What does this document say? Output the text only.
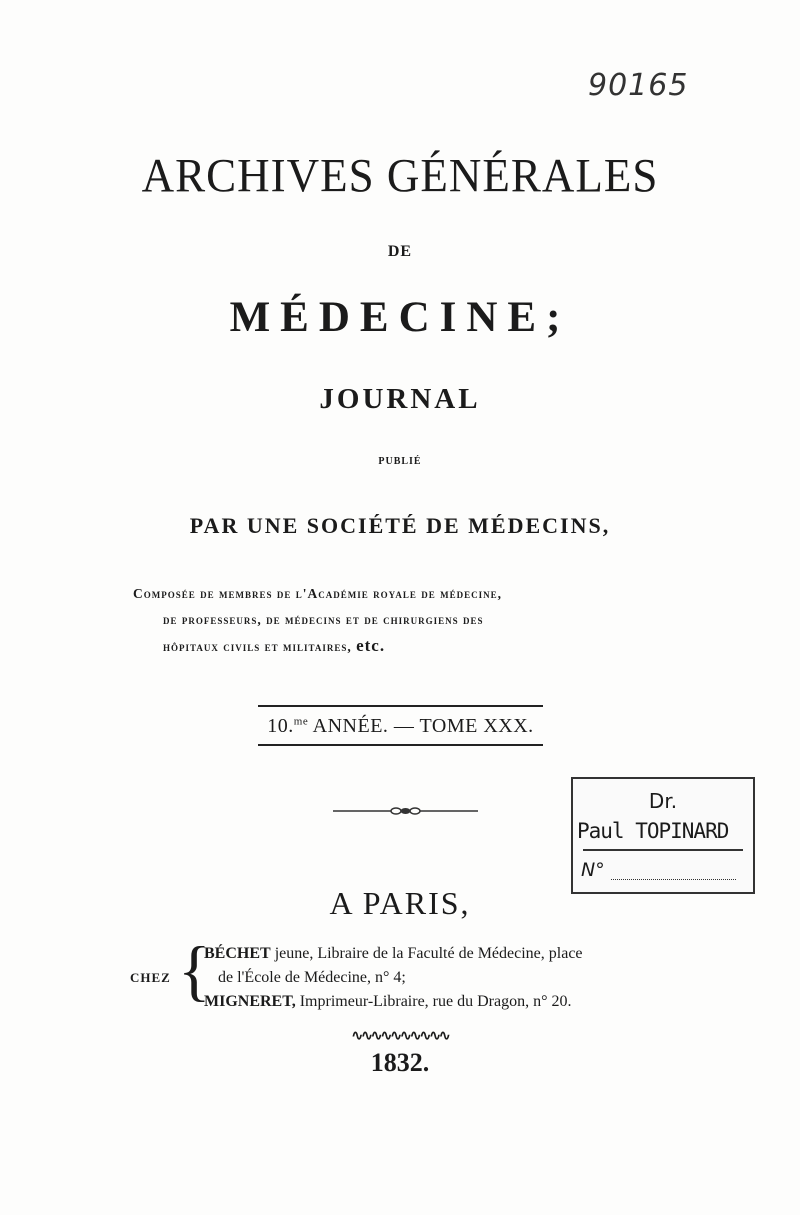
90165
ARCHIVES GÉNÉRALES
DE
MÉDECINE;
JOURNAL
PUBLIÉ
PAR UNE SOCIÉTÉ DE MÉDECINS,
Composée de membres de l'Académie royale de médecine,
de professeurs, de médecins et de chirurgiens des
hôpitaux civils et militaires, etc.
10.$^{me}$ ANNÉE. — TOME XXX.
Dr.
Paul TOPINARD
N°
A PARIS,
CHEZ {
BÉCHET jeune, Libraire de la Faculté de Médecine, place
de l'École de Médecine, n° 4;
MIGNERET, Imprimeur-Libraire, rue du Dragon, n° 20.
∿∿∿∿∿∿∿∿∿∿
1832.
